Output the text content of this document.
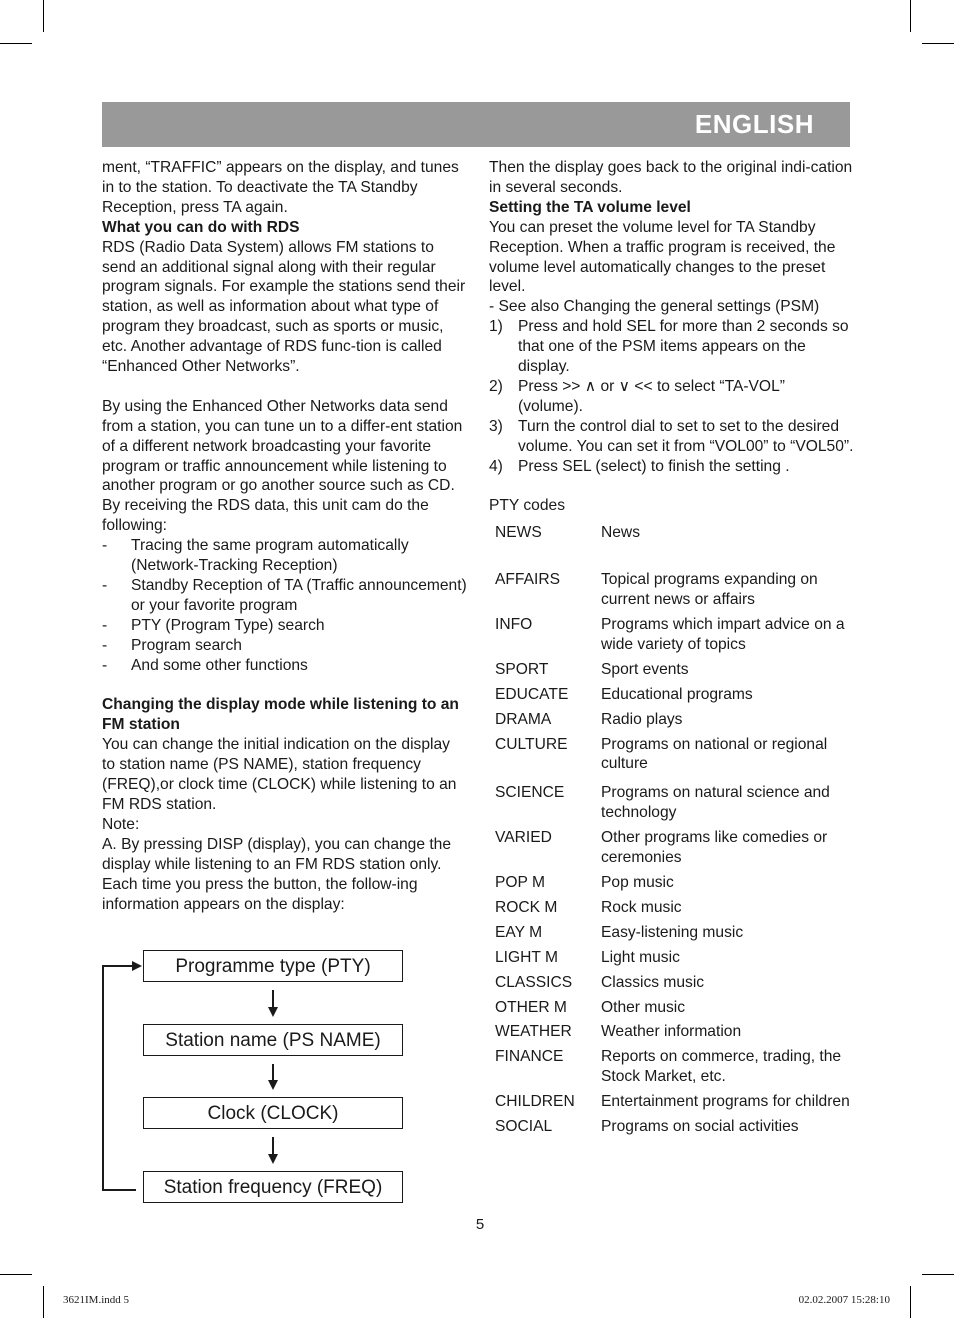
ENGLISH

ment, “TRAFFIC” appears on the display, and tunes in to the station. To deactivate the TA Standby Reception, press TA again.

What you can do with RDS

RDS (Radio Data System) allows FM stations to send an additional signal along with their regular program signals. For example the stations send their station, as well as information about what type of program they broadcast, such as sports or music, etc. Another advantage of RDS func-tion is called “Enhanced Other Networks”.

By using the Enhanced Other Networks data send from a station, you can tune un to a differ-ent station of a different network broadcasting your favorite program or traffic announcement while listening to another program or go another source such as CD.

By receiving the RDS data, this unit cam do the following:

-	Tracing the same program automatically (Network-Tracking Reception)
-	Standby Reception of TA (Traffic announcement) or your favorite program
-	PTY (Program Type) search
-	Program search
-	And some other functions

Changing the display mode while listening to an FM station

You can change the initial indication on the display to station name (PS NAME), station frequency (FREQ),or clock time (CLOCK) while listening to an FM RDS station.

Note:

A. By pressing DISP (display), you can change the display while listening to an FM RDS station only. Each time you press the button, the follow-ing information appears on the display:

Programme type (PTY)
Station name (PS NAME)
Clock (CLOCK)
Station frequency (FREQ)

Then the display goes back to the original indi-cation in several seconds.

Setting the TA volume level

You can preset the volume level for TA Standby Reception. When a traffic program is received, the volume level automatically changes to the preset level.

- See also Changing the general settings (PSM)

1) Press and hold SEL for more than 2 seconds so that one of the PSM items appears on the display.
2) Press >> ∧ or ∨ << to select “TA-VOL” (volume).
3) Turn the control dial to set to set to the desired volume. You can set it from “VOL00” to “VOL50”.
4) Press SEL (select) to finish the setting .

PTY codes

NEWS	News
AFFAIRS	Topical programs expanding on current news or affairs
INFO	Programs which impart advice on a wide variety of topics
SPORT	Sport events
EDUCATE	Educational programs
DRAMA	Radio plays
CULTURE	Programs on national or regional culture
SCIENCE	Programs on natural science and technology
VARIED	Other programs like comedies or ceremonies
POP M	Pop music
ROCK M	Rock music
EAY M	Easy-listening music
LIGHT M	Light music
CLASSICS	Classics music
OTHER M	Other music
WEATHER	Weather information
FINANCE	Reports on commerce, trading, the Stock Market, etc.
CHILDREN	Entertainment programs for children
SOCIAL	Programs on social activities
5
3621IM.indd 5	02.02.2007 15:28:10
